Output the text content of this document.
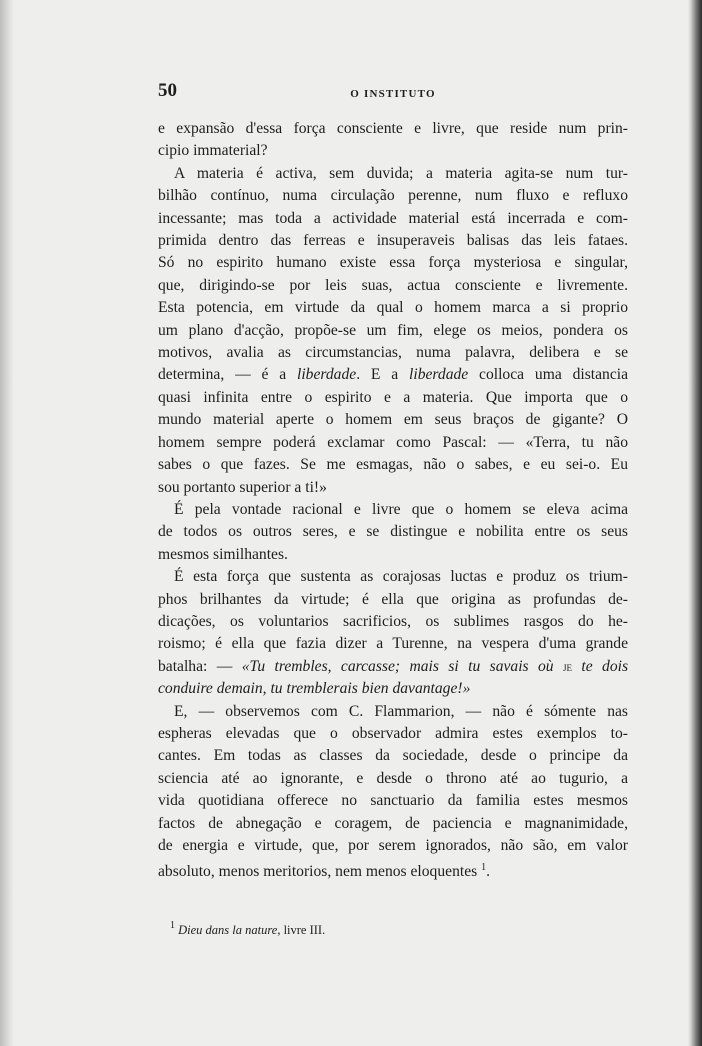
50	O INSTITUTO
e expansão d'essa força consciente e livre, que reside num prin-
cipio immaterial?
A materia é activa, sem duvida; a materia agita-se num tur-
bilhão contínuo, numa circulação perenne, num fluxo e refluxo
incessante; mas toda a actividade material está incerrada e com-
primida dentro das ferreas e insuperaveis balisas das leis fataes.
Só no espirito humano existe essa força mysteriosa e singular,
que, dirigindo-se por leis suas, actua consciente e livremente.
Esta potencia, em virtude da qual o homem marca a si proprio
um plano d'acção, propõe-se um fim, elege os meios, pondera os
motivos, avalia as circumstancias, numa palavra, delibera e se
determina, — é a liberdade. E a liberdade colloca uma distancia
quasi infinita entre o espirito e a materia. Que importa que o
mundo material aperte o homem em seus braços de gigante? O
homem sempre poderá exclamar como Pascal: — «Terra, tu não
sabes o que fazes. Se me esmagas, não o sabes, e eu sei-o. Eu
sou portanto superior a ti!»
É pela vontade racional e livre que o homem se eleva acima
de todos os outros seres, e se distingue e nobilita entre os seus
mesmos similhantes.
É esta força que sustenta as corajosas luctas e produz os trium-
phos brilhantes da virtude; é ella que origina as profundas de-
dicações, os voluntarios sacrificios, os sublimes rasgos do he-
roismo; é ella que fazia dizer a Turenne, na vespera d'uma grande
batalha: — «Tu trembles, carcasse; mais si tu savais où je te dois
conduire demain, tu tremblerais bien davantage!»
E, — observemos com C. Flammarion, — não é sómente nas
espheras elevadas que o observador admira estes exemplos to-
cantes. Em todas as classes da sociedade, desde o principe da
sciencia até ao ignorante, e desde o throno até ao tugurio, a
vida quotidiana offerece no sanctuario da familia estes mesmos
factos de abnegação e coragem, de paciencia e magnanimidade,
de energia e virtude, que, por serem ignorados, não são, em valor
absoluto, menos meritorios, nem menos eloquentes $^1$.
$^1$ Dieu dans la nature, livre III.
